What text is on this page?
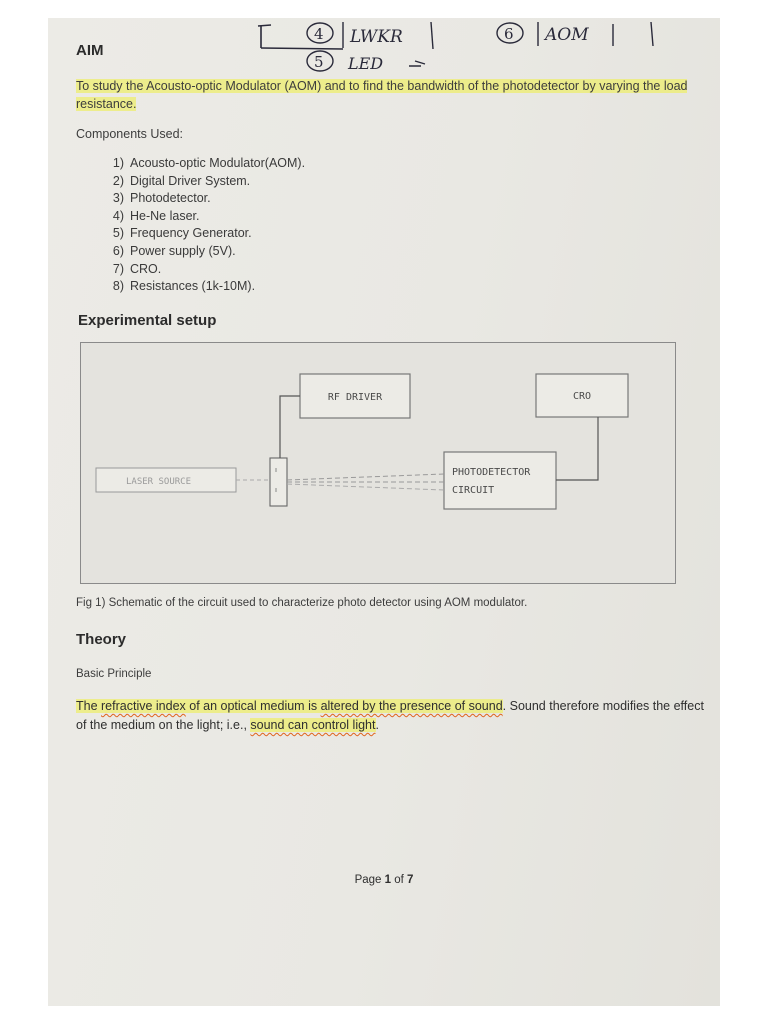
4 LWKR	6 AOM
5 LED
AIM
To study the Acousto-optic Modulator (AOM) and to find the bandwidth of the photodetector by varying the load resistance.
Components Used:
1) Acousto-optic Modulator(AOM).
2) Digital Driver System.
3) Photodetector.
4) He-Ne laser.
5) Frequency Generator.
6) Power supply (5V).
7) CRO.
8) Resistances (1k-10M).
Experimental setup
RF DRIVER	CRO
PHOTODETECTOR
CIRCUIT
LASER SOURCE
Fig 1) Schematic of the circuit used to characterize photo detector using AOM modulator.
Theory
Basic Principle
The refractive index of an optical medium is altered by the presence of sound. Sound therefore modifies the effect of the medium on the light; i.e., sound can control light.
Page 1 of 7
